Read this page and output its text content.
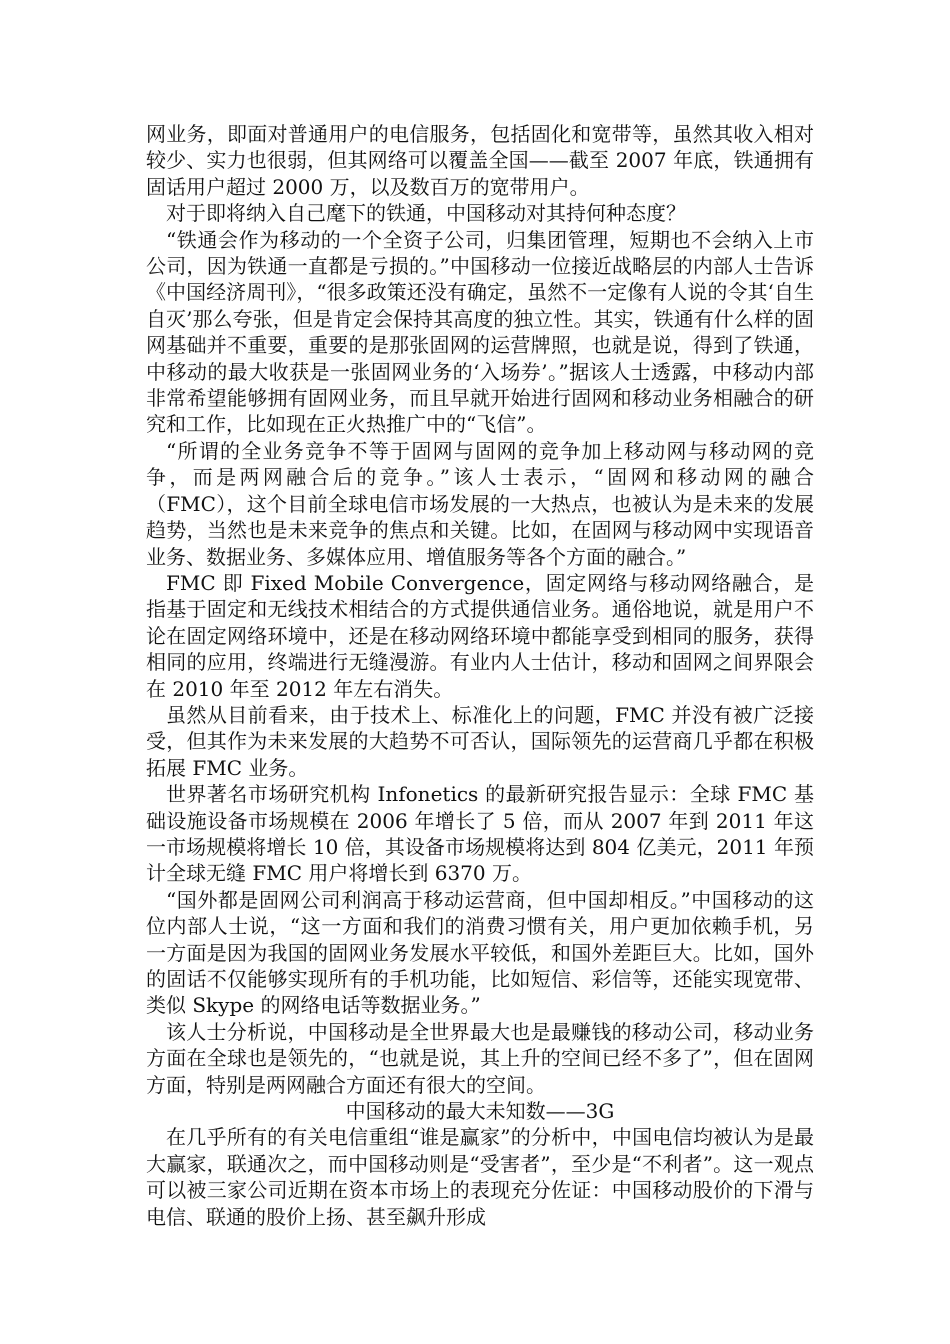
网业务，即面对普通用户的电信服务，包括固化和宽带等，虽然其收入相对较少、实力也很弱，但其网络可以覆盖全国——截至 2007 年底，铁通拥有固话用户超过 2000 万，以及数百万的宽带用户。

对于即将纳入自己麾下的铁通，中国移动对其持何种态度？

“铁通会作为移动的一个全资子公司，归集团管理，短期也不会纳入上市公司，因为铁通一直都是亏损的。”中国移动一位接近战略层的内部人士告诉《中国经济周刊》，“很多政策还没有确定，虽然不一定像有人说的令其‘自生自灭’那么夸张，但是肯定会保持其高度的独立性。其实，铁通有什么样的固网基础并不重要，重要的是那张固网的运营牌照，也就是说，得到了铁通，中移动的最大收获是一张固网业务的‘入场券’。”据该人士透露，中移动内部非常希望能够拥有固网业务，而且早就开始进行固网和移动业务相融合的研究和工作，比如现在正火热推广中的“飞信”。

“所谓的全业务竞争不等于固网与固网的竞争加上移动网与移动网的竞争，而是两网融合后的竞争。”该人士表示，“固网和移动网的融合（FMC），这个目前全球电信市场发展的一大热点，也被认为是未来的发展趋势，当然也是未来竞争的焦点和关键。比如，在固网与移动网中实现语音业务、数据业务、多媒体应用、增值服务等各个方面的融合。”

FMC 即 Fixed Mobile Convergence，固定网络与移动网络融合，是指基于固定和无线技术相结合的方式提供通信业务。通俗地说，就是用户不论在固定网络环境中，还是在移动网络环境中都能享受到相同的服务，获得相同的应用，终端进行无缝漫游。有业内人士估计，移动和固网之间界限会在 2010 年至 2012 年左右消失。

虽然从目前看来，由于技术上、标准化上的问题，FMC 并没有被广泛接受，但其作为未来发展的大趋势不可否认，国际领先的运营商几乎都在积极拓展 FMC 业务。

世界著名市场研究机构 Infonetics 的最新研究报告显示：全球 FMC 基础设施设备市场规模在 2006 年增长了 5 倍，而从 2007 年到 2011 年这一市场规模将增长 10 倍，其设备市场规模将达到 804 亿美元，2011 年预计全球无缝 FMC 用户将增长到 6370 万。

“国外都是固网公司利润高于移动运营商，但中国却相反。”中国移动的这位内部人士说，“这一方面和我们的消费习惯有关，用户更加依赖手机，另一方面是因为我国的固网业务发展水平较低，和国外差距巨大。比如，国外的固话不仅能够实现所有的手机功能，比如短信、彩信等，还能实现宽带、类似 Skype 的网络电话等数据业务。”

该人士分析说，中国移动是全世界最大也是最赚钱的移动公司，移动业务方面在全球也是领先的，“也就是说，其上升的空间已经不多了”，但在固网方面，特别是两网融合方面还有很大的空间。

中国移动的最大未知数——3G

在几乎所有的有关电信重组“谁是赢家”的分析中，中国电信均被认为是最大赢家，联通次之，而中国移动则是“受害者”，至少是“不利者”。这一观点可以被三家公司近期在资本市场上的表现充分佐证：中国移动股价的下滑与电信、联通的股价上扬、甚至飙升形成
